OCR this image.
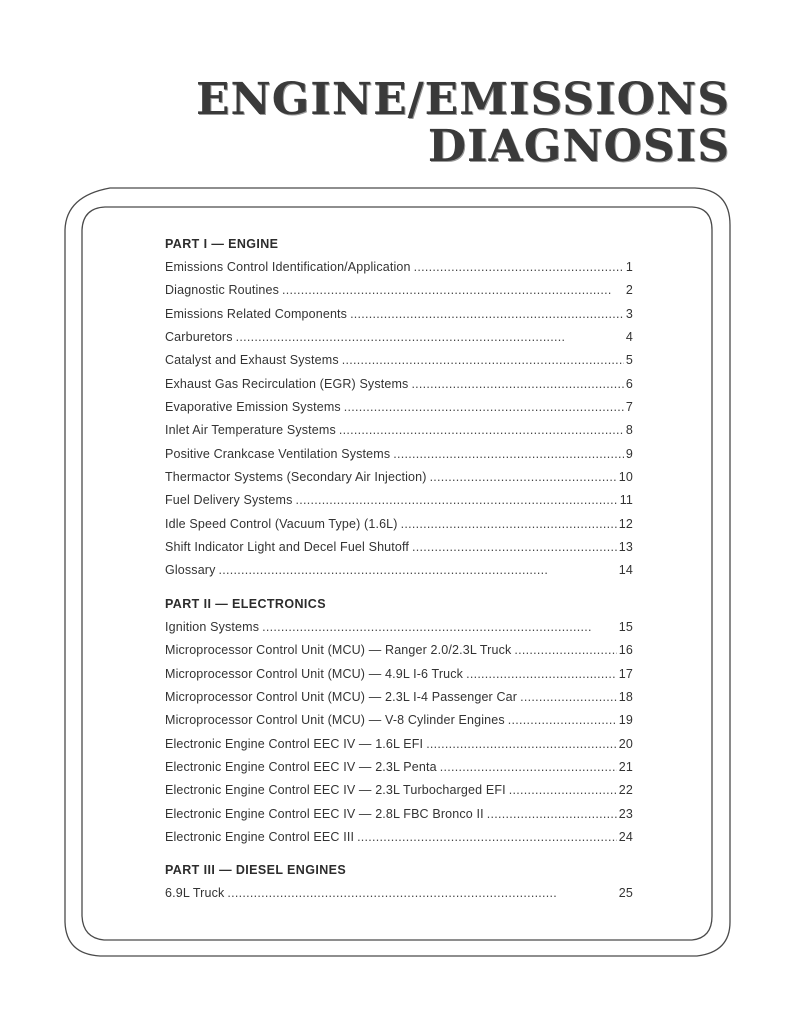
ENGINE/EMISSIONS
DIAGNOSIS
PART I — ENGINE
Emissions Control Identification/Application . . .	1
Diagnostic Routines . . .	2
Emissions Related Components . . .	3
Carburetors . . .	4
Catalyst and Exhaust Systems . . .	5
Exhaust Gas Recirculation (EGR) Systems . . .	6
Evaporative Emission Systems . . .	7
Inlet Air Temperature Systems . . .	8
Positive Crankcase Ventilation Systems . . .	9
Thermactor Systems (Secondary Air Injection) . . .	10
Fuel Delivery Systems . . .	11
Idle Speed Control (Vacuum Type) (1.6L) . . .	12
Shift Indicator Light and Decel Fuel Shutoff . . .	13
Glossary . . .	14
PART II — ELECTRONICS
Ignition Systems . . .	15
Microprocessor Control Unit (MCU) — Ranger 2.0/2.3L Truck . . .	16
Microprocessor Control Unit (MCU) — 4.9L I-6 Truck . . .	17
Microprocessor Control Unit (MCU) — 2.3L I-4 Passenger Car . . .	18
Microprocessor Control Unit (MCU) — V-8 Cylinder Engines . . .	19
Electronic Engine Control EEC IV — 1.6L EFI . . .	20
Electronic Engine Control EEC IV — 2.3L Penta . . .	21
Electronic Engine Control EEC IV — 2.3L Turbocharged EFI . . .	22
Electronic Engine Control EEC IV — 2.8L FBC Bronco II . . .	23
Electronic Engine Control EEC III . . .	24
PART III — DIESEL ENGINES
6.9L Truck . . .	25
